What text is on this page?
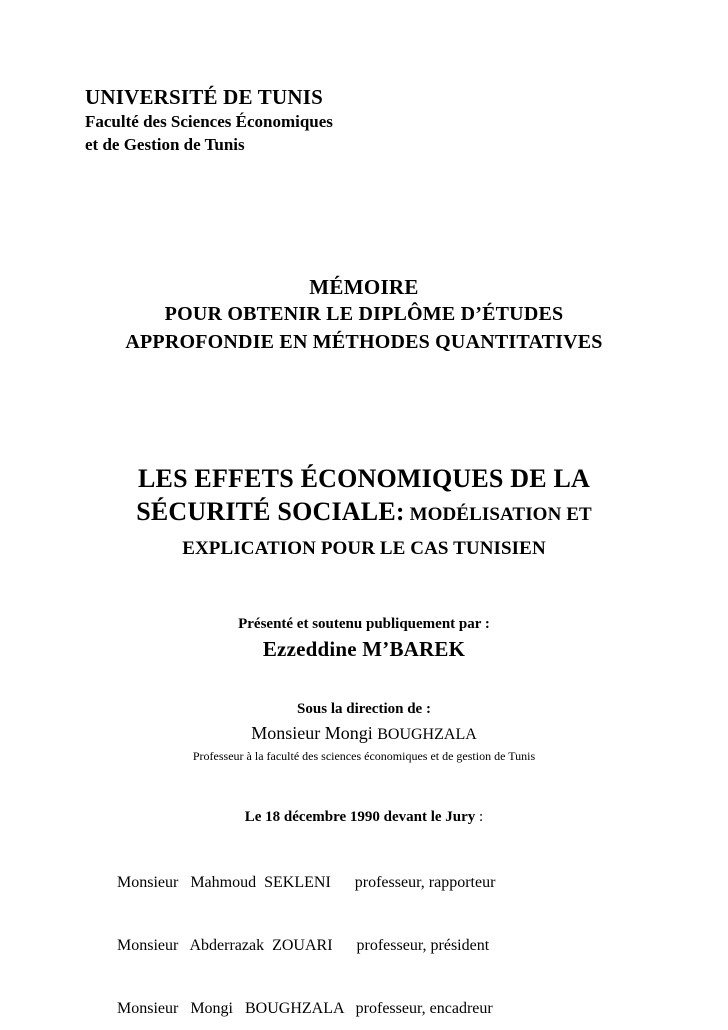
UNIVERSITÉ DE TUNIS
Faculté des Sciences Économiques
et de Gestion de Tunis
MÉMOIRE
POUR OBTENIR LE DIPLÔME D’ÉTUDES
APPROFONDIE EN MÉTHODES QUANTITATIVES
LES EFFETS ÉCONOMIQUES DE LA
SÉCURITÉ SOCIALE: MODÉLISATION ET
EXPLICATION POUR LE CAS TUNISIEN
Présenté et soutenu publiquement par :
Ezzeddine M’BAREK
Sous la direction de :
Monsieur Mongi BOUGHZALA
Professeur à la faculté des sciences économiques et de gestion de Tunis
Le 18 décembre 1990 devant le Jury :

Monsieur Mahmoud SEKLENI professeur, rapporteur

Monsieur Abderrazak ZOUARI professeur, président

Monsieur Mongi BOUGHZALA professeur, encadreur
